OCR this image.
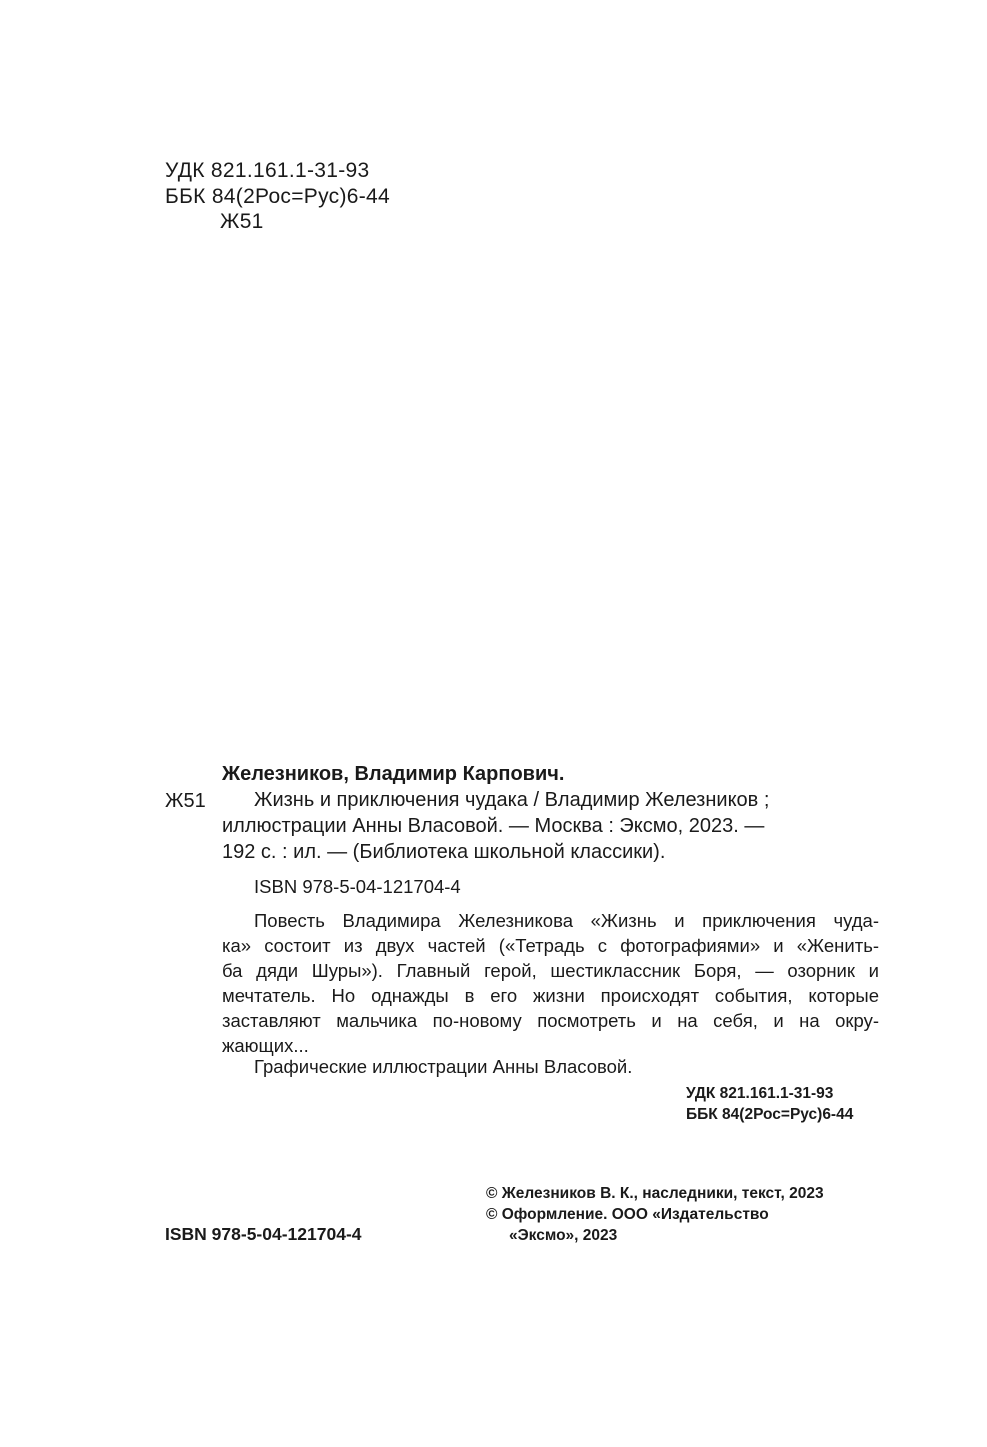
УДК 821.161.1-31-93
ББК 84(2Рос=Рус)6-44
Ж51
Железников, Владимир Карпович.
Ж51 Жизнь и приключения чудака / Владимир Железников ;
иллюстрации Анны Власовой. — Москва : Эксмо, 2023. —
192 с. : ил. — (Библиотека школьной классики).
ISBN 978-5-04-121704-4
Повесть Владимира Железникова «Жизнь и приключения чуда-
ка» состоит из двух частей («Тетрадь с фотографиями» и «Женить-
ба дяди Шуры»). Главный герой, шестиклассник Боря, — озорник и
мечтатель. Но однажды в его жизни происходят события, которые
заставляют мальчика по-новому посмотреть и на себя, и на окру-
жающих...
Графические иллюстрации Анны Власовой.
УДК 821.161.1-31-93
ББК 84(2Рос=Рус)6-44
© Железников В. К., наследники, текст, 2023
© Оформление. ООО «Издательство
«Эксмо», 2023
ISBN 978-5-04-121704-4
